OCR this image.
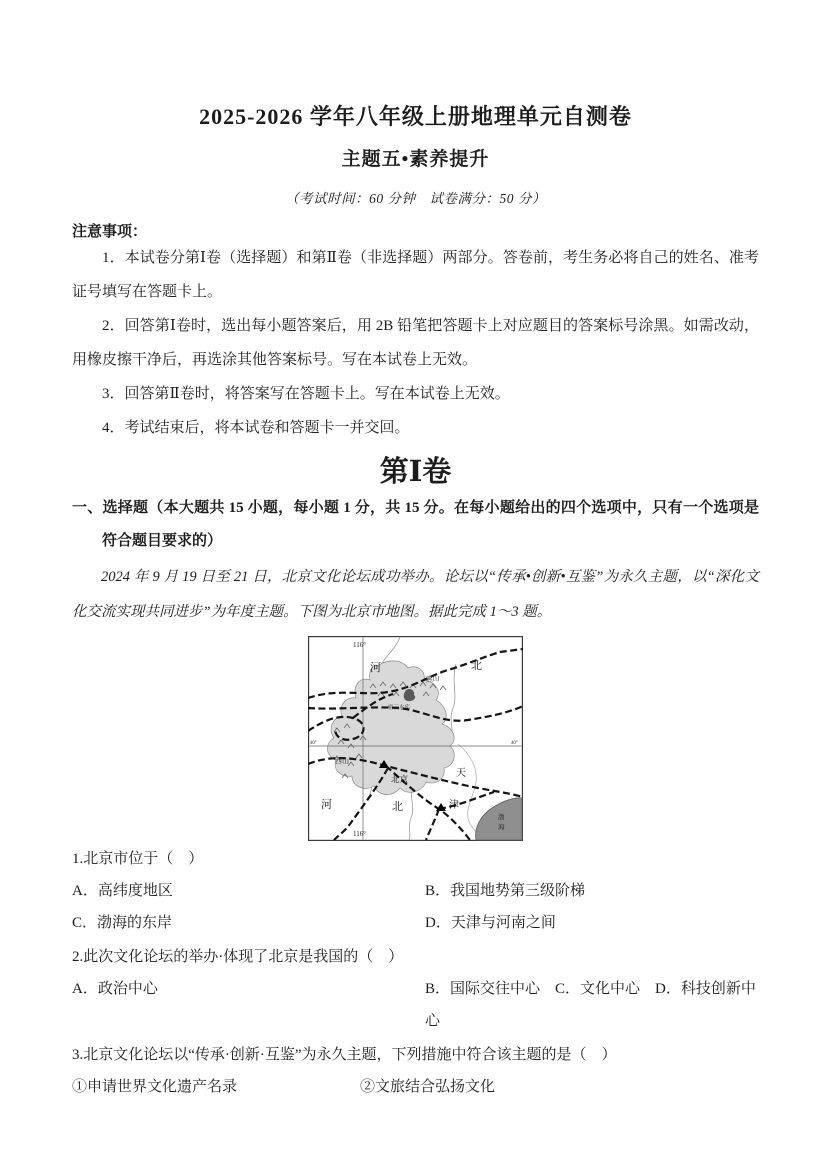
2025-2026 学年八年级上册地理单元自测卷
主题五•素养提升
（考试时间：60 分钟　试卷满分：50 分）
注意事项：

1．本试卷分第Ⅰ卷（选择题）和第Ⅱ卷（非选择题）两部分。答卷前，考生务必将自己的姓名、准考证号填写在答题卡上。

2．回答第Ⅰ卷时，选出每小题答案后，用 2B 铅笔把答题卡上对应题目的答案标号涂黑。如需改动，用橡皮擦干净后，再选涂其他答案标号。写在本试卷上无效。

3．回答第Ⅱ卷时，将答案写在答题卡上。写在本试卷上无效。

4．考试结束后，将本试卷和答题卡一并交回。

第Ⅰ卷

一、选择题（本大题共 15 小题，每小题 1 分，共 15 分。在每小题给出的四个选项中，只有一个选项是符合题目要求的）

2024 年 9 月 19 日至 21 日，北京文化论坛成功举办。论坛以“传承•创新•互鉴”为永久主题，以“深化文化交流实现共同进步”为年度主题。下图为北京市地图。据此完成 1～3 题。

116°
116°
40°	40°
河	北
燕山
密云水库
西山
北京	天
津
河	北
渤
海
1.北京市位于（　）
A．高纬度地区	B．我国地势第三级阶梯
C．渤海的东岸	D．天津与河南之间
2.此次文化论坛的举办·体现了北京是我国的（　）
A．政治中心	B．国际交往中心　C．文化中心　D．科技创新中心
3.北京文化论坛以“传承·创新·互鉴”为永久主题，下列措施中符合该主题的是（　）
①申请世界文化遗产名录	②文旅结合弘扬文化
